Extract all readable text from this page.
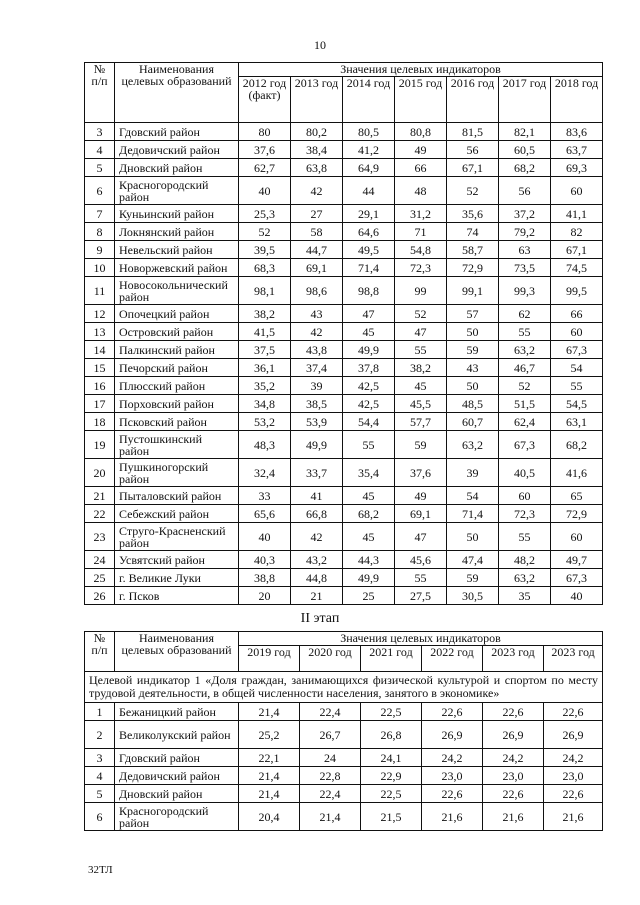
10
№
п/п	Наименования целевых образований	Значения целевых индикаторов						
		2012 год (факт)	2013 год	2014 год	2015 год	2016 год	2017 год	2018 год
3	Гдовский район	80	80,2	80,5	80,8	81,5	82,1	83,6
4	Дедовичский район	37,6	38,4	41,2	49	56	60,5	63,7
5	Дновский район	62,7	63,8	64,9	66	67,1	68,2	69,3
6	Красногородский район	40	42	44	48	52	56	60
7	Куньинский район	25,3	27	29,1	31,2	35,6	37,2	41,1
8	Локнянский район	52	58	64,6	71	74	79,2	82
9	Невельский район	39,5	44,7	49,5	54,8	58,7	63	67,1
10	Новоржевский район	68,3	69,1	71,4	72,3	72,9	73,5	74,5
11	Новосокольнический район	98,1	98,6	98,8	99	99,1	99,3	99,5
12	Опочецкий район	38,2	43	47	52	57	62	66
13	Островский район	41,5	42	45	47	50	55	60
14	Палкинский район	37,5	43,8	49,9	55	59	63,2	67,3
15	Печорский район	36,1	37,4	37,8	38,2	43	46,7	54
16	Плюсский район	35,2	39	42,5	45	50	52	55
17	Порховский район	34,8	38,5	42,5	45,5	48,5	51,5	54,5
18	Псковский район	53,2	53,9	54,4	57,7	60,7	62,4	63,1
19	Пустошкинский район	48,3	49,9	55	59	63,2	67,3	68,2
20	Пушкиногорский район	32,4	33,7	35,4	37,6	39	40,5	41,6
21	Пыталовский район	33	41	45	49	54	60	65
22	Себежский район	65,6	66,8	68,2	69,1	71,4	72,3	72,9
23	Струго-Красненский район	40	42	45	47	50	55	60
24	Усвятский район	40,3	43,2	44,3	45,6	47,4	48,2	49,7
25	г. Великие Луки	38,8	44,8	49,9	55	59	63,2	67,3
26	г. Псков	20	21	25	27,5	30,5	35	40
II этап
№
п/п	Наименования целевых образований	Значения целевых индикаторов					
		2019 год	2020 год	2021 год	2022 год	2023 год	2023 год
Целевой индикатор 1 «Доля граждан, занимающихся физической культурой и спортом по месту трудовой деятельности, в общей численности населения, занятого в экономике»							
1	Бежаницкий район	21,4	22,4	22,5	22,6	22,6	22,6
2	Великолукский район	25,2	26,7	26,8	26,9	26,9	26,9
3	Гдовский район	22,1	24	24,1	24,2	24,2	24,2
4	Дедовичский район	21,4	22,8	22,9	23,0	23,0	23,0
5	Дновский район	21,4	22,4	22,5	22,6	22,6	22,6
6	Красногородский район	20,4	21,4	21,5	21,6	21,6	21,6
32ТЛ
